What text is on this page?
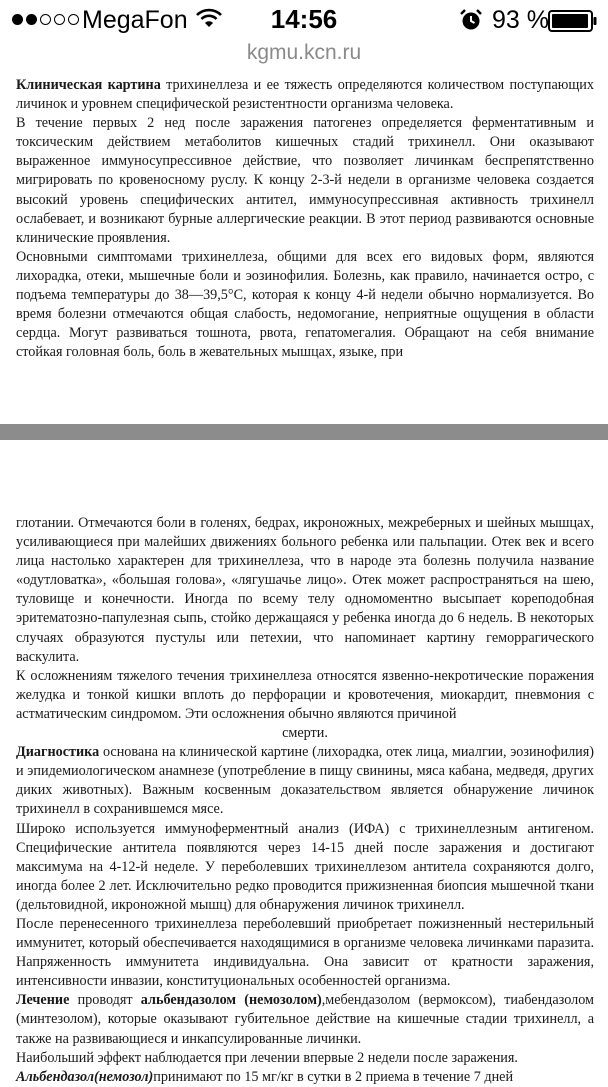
MegaFon	14:56	93 %
kgmu.kcn.ru

Клиническая картина трихинеллеза и ее тяжесть определяются количеством поступающих личинок и уровнем специфической резистентности организма человека.

В течение первых 2 нед после заражения патогенез определяется ферментативным и токсическим действием метаболитов кишечных стадий трихинелл. Они оказывают выраженное иммуносупрессивное действие, что позволяет личинкам беспрепятственно мигрировать по кровеносному руслу. К концу 2-3-й недели в организме человека создается высокий уровень специфических антител, иммуносупрессивная активность трихинелл ослабевает, и возникают бурные аллергические реакции. В этот период развиваются основные клинические проявления.

Основными симптомами трихинеллеза, общими для всех его видовых форм, являются лихорадка, отеки, мышечные боли и эозинофилия. Болезнь, как правило, начинается остро, с подъема температуры до 38—39,5°С, которая к концу 4-й недели обычно нормализуется. Во время болезни отмечаются общая слабость, недомогание, неприятные ощущения в области сердца. Могут развиваться тошнота, рвота, гепатомегалия. Обращают на себя внимание стойкая головная боль, боль в жевательных мышцах, языке, при

глотании. Отмечаются боли в голенях, бедрах, икроножных, межреберных и шейных мышцах, усиливающиеся при малейших движениях больного ребенка или пальпации. Отек век и всего лица настолько характерен для трихинеллеза, что в народе эта болезнь получила название «одутловатка», «большая голова», «лягушачье лицо». Отек может распространяться на шею, туловище и конечности. Иногда по всему телу одномоментно высыпает кореподобная эритематозно-папулезная сыпь, стойко держащаяся у ребенка иногда до 6 недель. В некоторых случаях образуются пустулы или петехии, что напоминает картину геморрагического васкулита.

К осложнениям тяжелого течения трихинеллеза относятся язвенно-некротические поражения желудка и тонкой кишки вплоть до перфорации и кровотечения, миокардит, пневмония с астматическим синдромом. Эти осложнения обычно являются причиной

смерти.

Диагностика основана на клинической картине (лихорадка, отек лица, миалгии, эозинофилия) и эпидемиологическом анамнезе (употребление в пищу свинины, мяса кабана, медведя, других диких животных). Важным косвенным доказательством является обнаружение личинок трихинелл в сохранившемся мясе.

Широко используется иммуноферментный анализ (ИФА) с трихинеллезным антигеном. Специфические антитела появляются через 14-15 дней после заражения и достигают максимума на 4-12-й неделе. У переболевших трихинеллезом антитела сохраняются долго, иногда более 2 лет. Исключительно редко проводится прижизненная биопсия мышечной ткани (дельтовидной, икроножной мышц) для обнаружения личинок трихинелл.

После перенесенного трихинеллеза переболевший приобретает пожизненный нестерильный иммунитет, который обеспечивается находящимися в организме человека личинками паразита. Напряженность иммунитета индивидуальна. Она зависит от кратности заражения, интенсивности инвазии, конституциональных особенностей организма.

Лечение проводят альбендазолом (немозолом),мебендазолом (вермоксом), тиабендазолом (минтезолом), которые оказывают губительное действие на кишечные стадии трихинелл, а также на развивающиеся и инкапсулированные личинки.

Наибольший эффект наблюдается при лечении впервые 2 недели после заражения.

Альбендазол(немозол)принимают по 15 мг/кг в сутки в 2 приема в течение 7 дней
